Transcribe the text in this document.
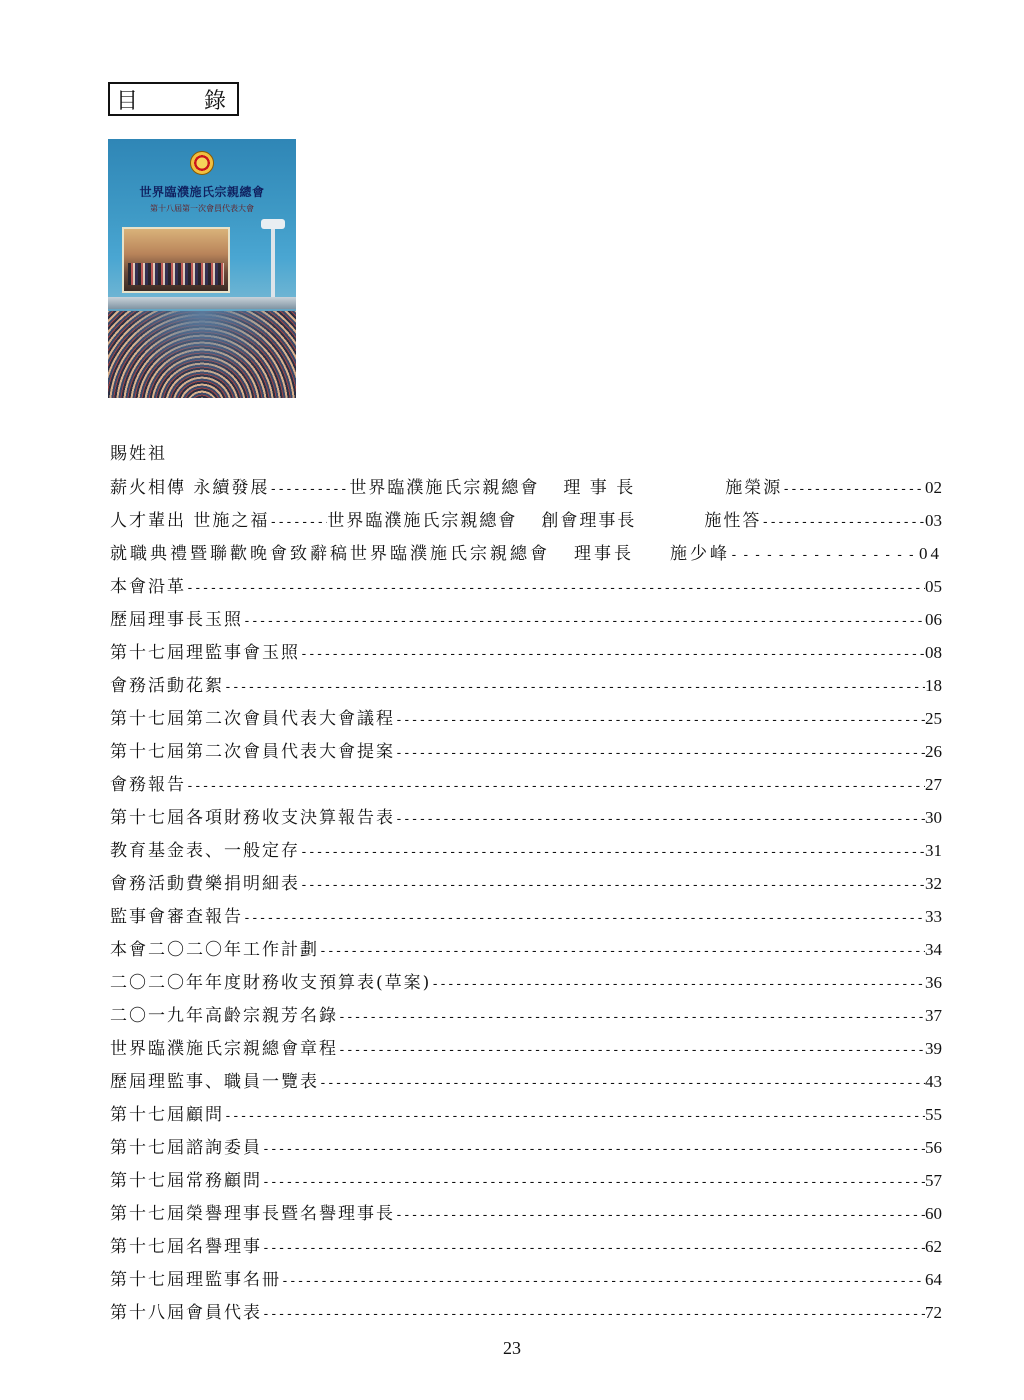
目	錄
世界臨濮施氏宗親總會
第十八屆第一次會員代表大會
賜姓祖
薪火相傳 永續發展 -----	世界臨濮施氏宗親總會 理 事 長	施榮源 -----	02
人才輩出 世施之福 -----	世界臨濮施氏宗親總會 創會理事長	施性答 -----	03
就職典禮暨聯歡晚會致辭稿 世界臨濮施氏宗親總會 理事長 施少峰 -----	04
本會沿革 -----	05
歷屆理事長玉照 -----	06
第十七屆理監事會玉照 -----	08
會務活動花絮 -----	18
第十七屆第二次會員代表大會議程 -----	25
第十七屆第二次會員代表大會提案 -----	26
會務報告 -----	27
第十七屆各項財務收支決算報告表 -----	30
教育基金表、一般定存 -----	31
會務活動費樂捐明細表 -----	32
監事會審查報告 -----	33
本會二〇二〇年工作計劃 -----	34
二〇二〇年年度財務收支預算表(草案) -----	36
二〇一九年高齡宗親芳名錄 -----	37
世界臨濮施氏宗親總會章程 -----	39
歷屆理監事、職員一覽表 -----	43
第十七屆顧問 -----	55
第十七屆諮詢委員 -----	56
第十七屆常務顧問 -----	57
第十七屆榮譽理事長暨名譽理事長 -----	60
第十七屆名譽理事 -----	62
第十七屆理監事名冊 -----	64
第十八屆會員代表 -----	72
23
